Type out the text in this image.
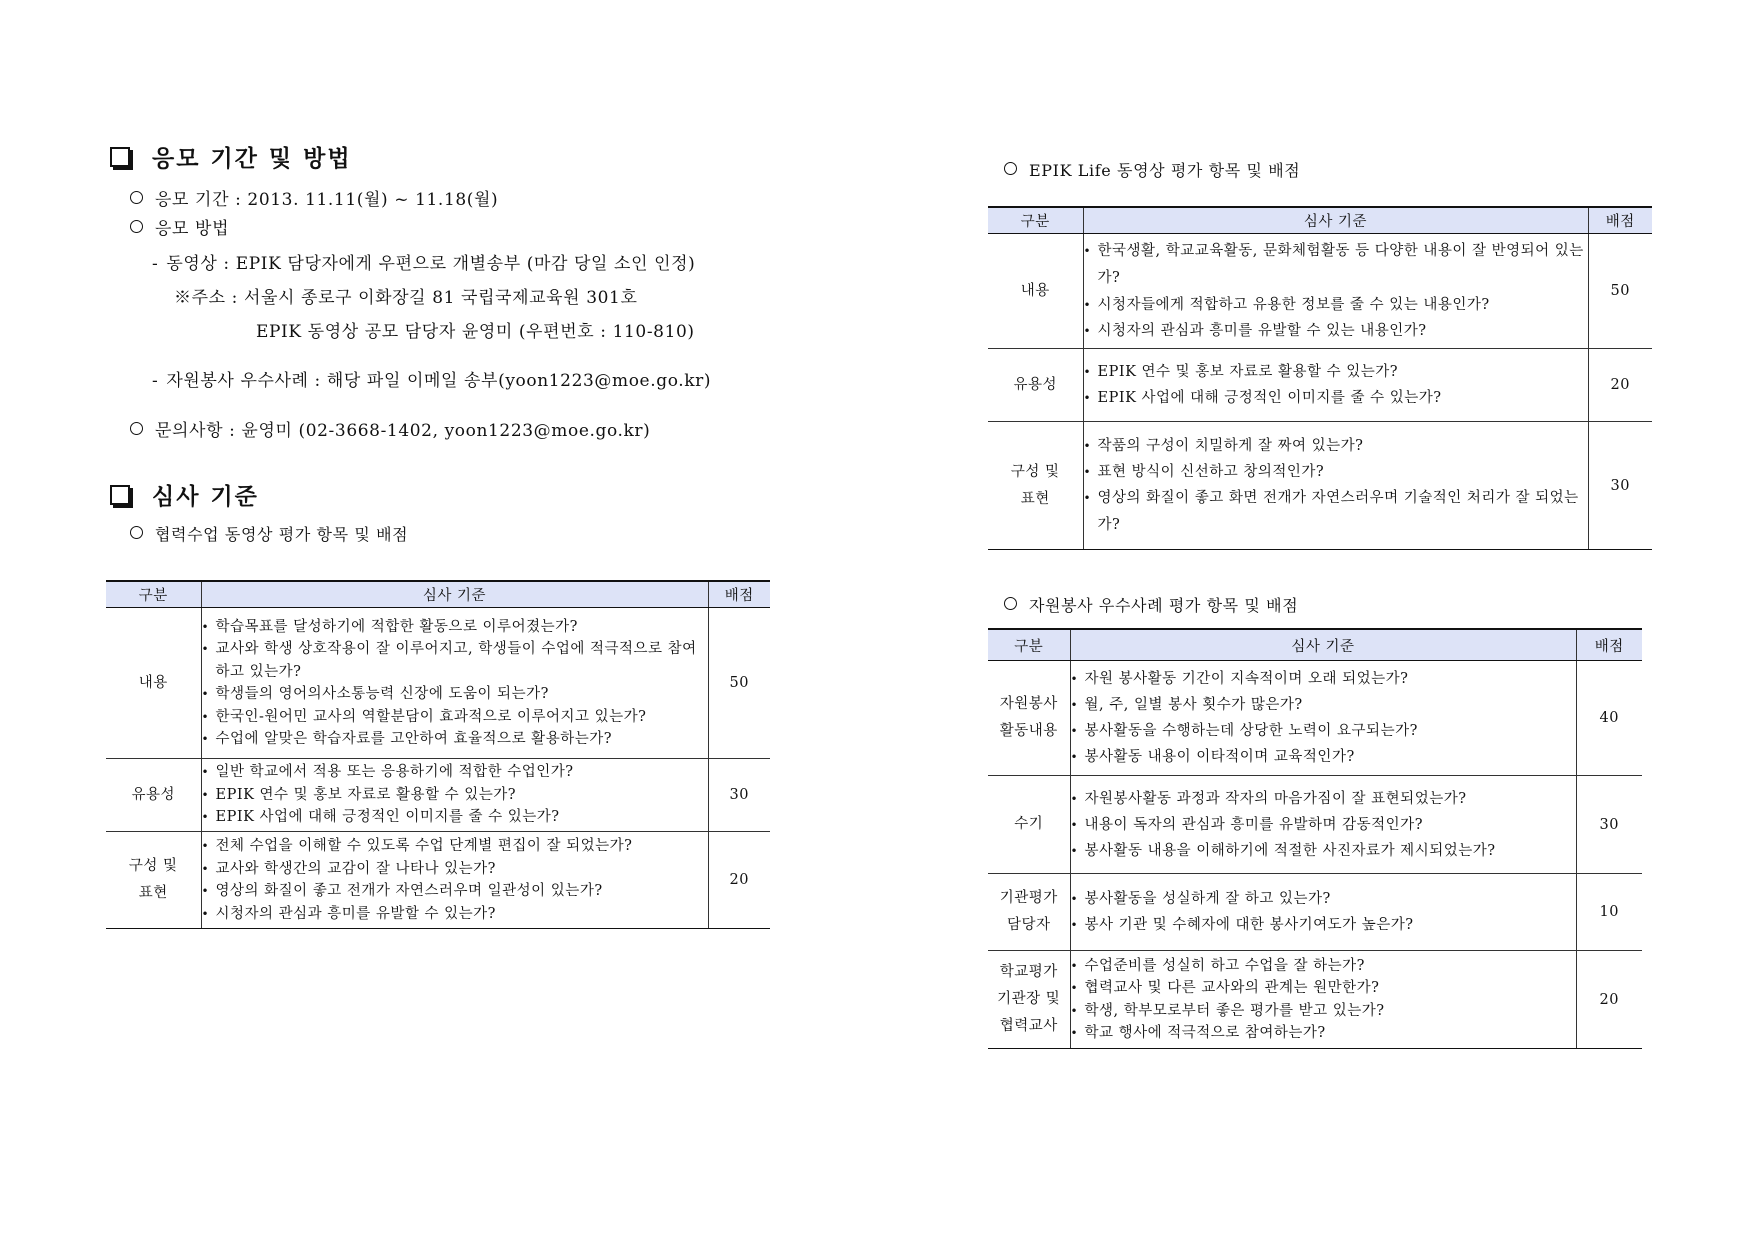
응모 기간 및 방법
응모 기간 : 2013. 11.11(월) ~ 11.18(월)
응모 방법
- 동영상 : EPIK 담당자에게 우편으로 개별송부 (마감 당일 소인 인정)
※주소 : 서울시 종로구 이화장길 81 국립국제교육원 301호
EPIK 동영상 공모 담당자 윤영미 (우편번호 : 110-810)
- 자원봉사 우수사례 : 해당 파일 이메일 송부(yoon1223@moe.go.kr)
문의사항 : 윤영미 (02-3668-1402, yoon1223@moe.go.kr)
심사 기준
협력수업 동영상 평가 항목 및 배점
구분	심사 기준	배점
내용	• 학습목표를 달성하기에 적합한 활동으로 이루어졌는가?
• 교사와 학생 상호작용이 잘 이루어지고, 학생들이 수업에 적극적으로 참여하고 있는가?
• 학생들의 영어의사소통능력 신장에 도움이 되는가?
• 한국인-원어민 교사의 역할분담이 효과적으로 이루어지고 있는가?
• 수업에 알맞은 학습자료를 고안하여 효율적으로 활용하는가?	50
유용성	• 일반 학교에서 적용 또는 응용하기에 적합한 수업인가?
• EPIK 연수 및 홍보 자료로 활용할 수 있는가?
• EPIK 사업에 대해 긍정적인 이미지를 줄 수 있는가?	30
구성 및 표현	• 전체 수업을 이해할 수 있도록 수업 단계별 편집이 잘 되었는가?
• 교사와 학생간의 교감이 잘 나타나 있는가?
• 영상의 화질이 좋고 전개가 자연스러우며 일관성이 있는가?
• 시청자의 관심과 흥미를 유발할 수 있는가?	20
EPIK Life 동영상 평가 항목 및 배점
구분	심사 기준	배점
내용	• 한국생활, 학교교육활동, 문화체험활동 등 다양한 내용이 잘 반영되어 있는가?
• 시청자들에게 적합하고 유용한 정보를 줄 수 있는 내용인가?
• 시청자의 관심과 흥미를 유발할 수 있는 내용인가?	50
유용성	• EPIK 연수 및 홍보 자료로 활용할 수 있는가?
• EPIK 사업에 대해 긍정적인 이미지를 줄 수 있는가?	20
구성 및 표현	• 작품의 구성이 치밀하게 잘 짜여 있는가?
• 표현 방식이 신선하고 창의적인가?
• 영상의 화질이 좋고 화면 전개가 자연스러우며 기술적인 처리가 잘 되었는가?	30
자원봉사 우수사례 평가 항목 및 배점
구분	심사 기준	배점
자원봉사 활동내용	• 자원 봉사활동 기간이 지속적이며 오래 되었는가?
• 월, 주, 일별 봉사 횟수가 많은가?
• 봉사활동을 수행하는데 상당한 노력이 요구되는가?
• 봉사활동 내용이 이타적이며 교육적인가?	40
수기	• 자원봉사활동 과정과 작자의 마음가짐이 잘 표현되었는가?
• 내용이 독자의 관심과 흥미를 유발하며 감동적인가?
• 봉사활동 내용을 이해하기에 적절한 사진자료가 제시되었는가?	30
기관평가 담당자	• 봉사활동을 성실하게 잘 하고 있는가?
• 봉사 기관 및 수혜자에 대한 봉사기여도가 높은가?	10
학교평가 기관장 및 협력교사	• 수업준비를 성실히 하고 수업을 잘 하는가?
• 협력교사 및 다른 교사와의 관계는 원만한가?
• 학생, 학부모로부터 좋은 평가를 받고 있는가?
• 학교 행사에 적극적으로 참여하는가?	20
